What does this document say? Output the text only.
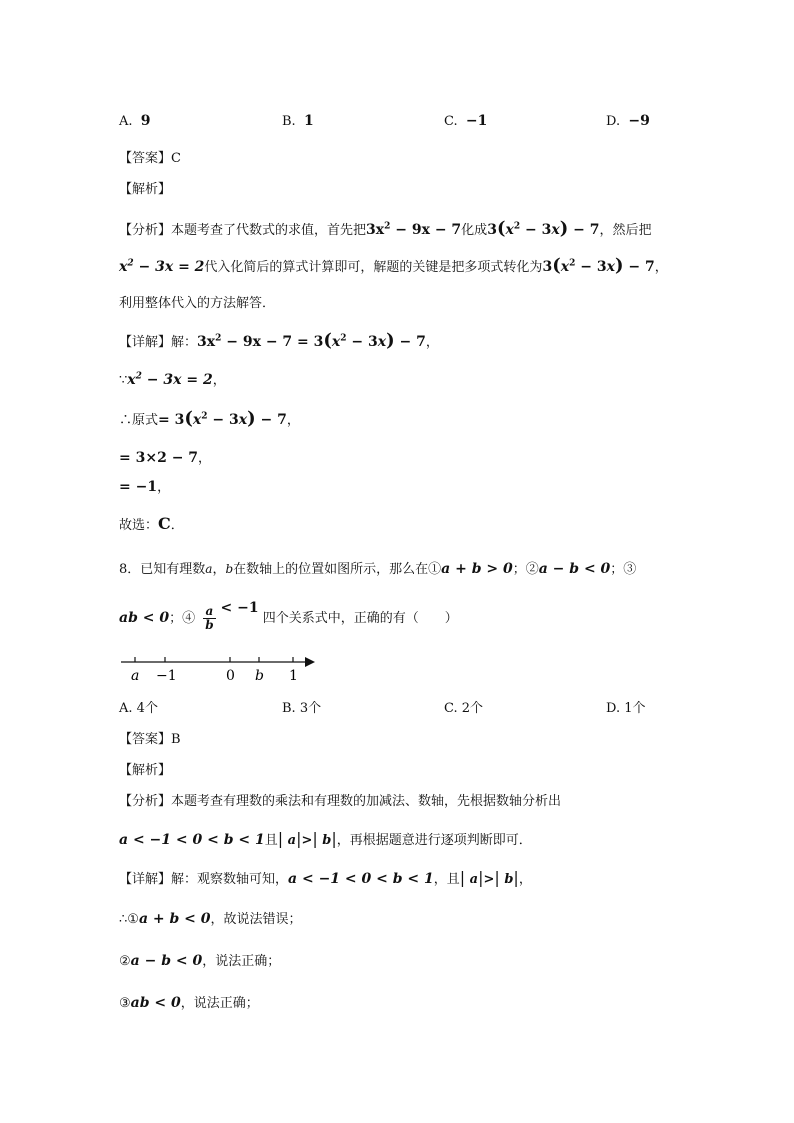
A. 9	B. 1	C. −1	D. −9
【答案】C
【解析】
【分析】本题考查了代数式的求值，首先把$3x^2 - 9x - 7$化成$3(x^2 - 3x) - 7$，然后把
$x^2 - 3x = 2$代入化简后的算式计算即可，解题的关键是把多项式转化为$3(x^2 - 3x) - 7$，
利用整体代入的方法解答．
【详解】解：$3x^2 - 9x - 7 = 3(x^2 - 3x) - 7$，
$\because x^2 - 3x = 2$，
∴原式= $3(x^2 - 3x) - 7$，
= 3×2 − 7，
= −1，
故选：C．
8．已知有理数a，b在数轴上的位置如图所示，那么在①a + b > 0；②a − b < 0；③
ab < 0；④ $\frac{a}{b} < -1$ 四个关系式中，正确的有（　　）
a −1	0 b 1
A. 4个	B. 3个	C. 2个	D. 1个
【答案】B
【解析】
【分析】本题考查有理数的乘法和有理数的加减法、数轴，先根据数轴分析出
a < −1 < 0 < b < 1且| a|>| b|，再根据题意进行逐项判断即可．
【详解】解：观察数轴可知，a < −1 < 0 < b < 1，且| a|>| b|，
∴①a + b < 0，故说法错误；
②a − b < 0，说法正确；
③ab < 0，说法正确；
